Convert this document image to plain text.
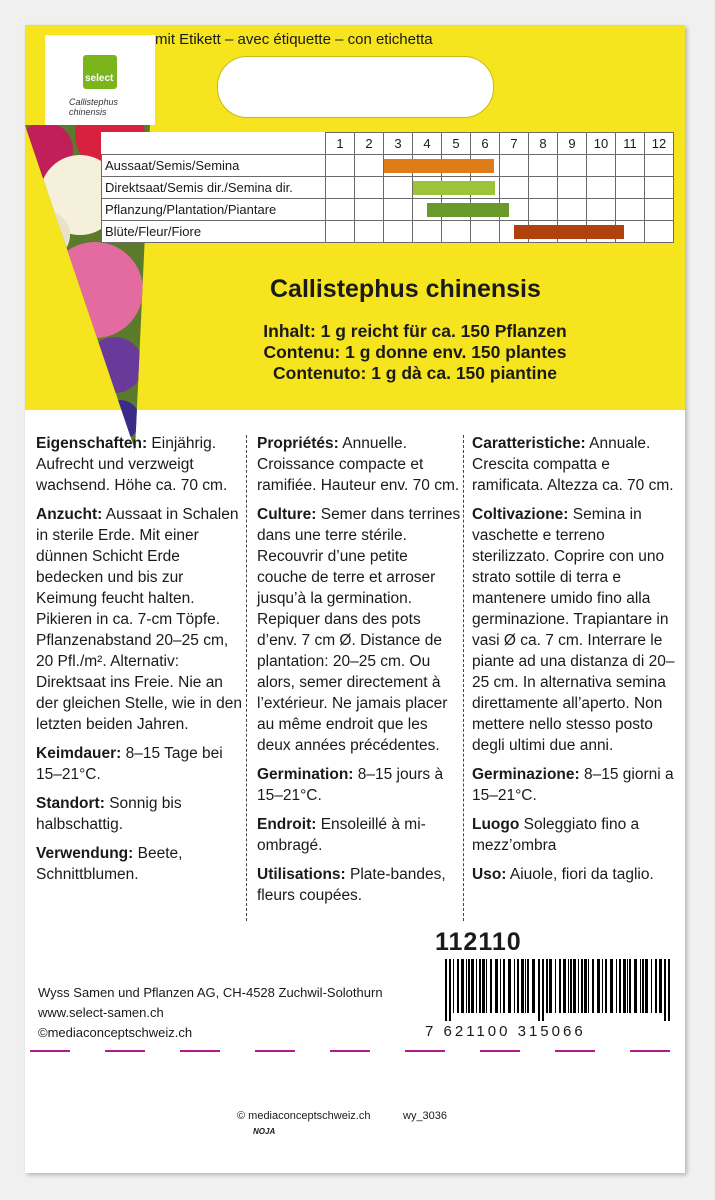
mit Etikett – avec étiquette – con etichetta
select
Callistephus chinensis
	1	2	3	4	5	6	7	8	9	10	11	12
Aussaat/Semis/Semina			

Direktsaat/Semis dir./Semina dir.				

Pflanzung/Plantation/Piantare				

Blüte/Fleur/Fiore							

Callistephus chinensis
Inhalt: 1 g reicht für ca. 150 Pflanzen
Contenu: 1 g donne env. 150 plantes
Contenuto: 1 g dà ca. 150 piantine

Eigenschaften: Einjährig. Aufrecht und verzweigt wachsend. Höhe ca. 70 cm.

Anzucht: Aussaat in Schalen in sterile Erde. Mit einer dünnen Schicht Erde bedecken und bis zur Keimung feucht halten. Pikieren in ca. 7-cm Töpfe. Pflanzenabstand 20–25 cm, 20 Pfl./m². Alternativ: Direktsaat ins Freie. Nie an der gleichen Stelle, wie in den letzten beiden Jahren.

Keimdauer: 8–15 Tage bei 15–21°C.

Standort: Sonnig bis halbschattig.

Verwendung: Beete, Schnittblumen.

Propriétés: Annuelle. Croissance compacte et ramifiée. Hauteur env. 70 cm.

Culture: Semer dans terrines dans une terre stérile. Recouvrir d’une petite couche de terre et arroser jusqu’à la germination. Repiquer dans des pots d’env. 7 cm Ø. Distance de plantation: 20–25 cm. Ou alors, semer directement à l’extérieur. Ne jamais placer au même endroit que les deux années précédentes.

Germination: 8–15 jours à 15–21°C.

Endroit: Ensoleillé à mi-ombragé.

Utilisations: Plate-bandes, fleurs coupées.

Caratteristiche: Annuale. Crescita compatta e ramificata. Altezza ca. 70 cm.

Coltivazione: Semina in vaschette e terreno sterilizzato. Coprire con uno strato sottile di terra e mantenere umido fino alla germinazione. Trapiantare in vasi Ø ca. 7 cm. Interrare le piante ad una distanza di 20–25 cm. In alternativa semina direttamente all’aperto. Non mettere nello stesso posto degli ultimi due anni.

Germinazione: 8–15 giorni a 15–21°C.

Luogo Soleggiato fino a mezz’ombra

Uso: Aiuole, fiori da taglio.

112110
7 621100 315066
Wyss Samen und Pflanzen AG, CH-4528 Zuchwil-Solothurn
www.select-samen.ch
©mediaconceptschweiz.ch
© mediaconceptschweiz.ch	wy_3036
NOJA
